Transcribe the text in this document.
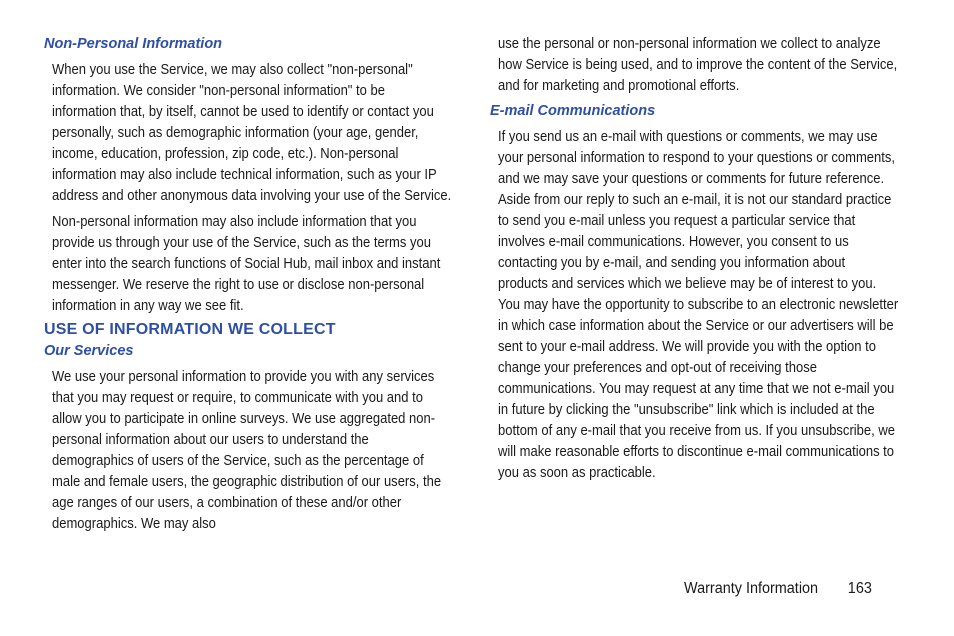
Non-Personal Information

When you use the Service, we may also collect "non-personal" information. We consider "non-personal information" to be information that, by itself, cannot be used to identify or contact you personally, such as demographic information (your age, gender, income, education, profession, zip code, etc.). Non-personal information may also include technical information, such as your IP address and other anonymous data involving your use of the Service.

Non-personal information may also include information that you provide us through your use of the Service, such as the terms you enter into the search functions of Social Hub, mail inbox and instant messenger. We reserve the right to use or disclose non-personal information in any way we see fit.

USE OF INFORMATION WE COLLECT
Our Services

We use your personal information to provide you with any services that you may request or require, to communicate with you and to allow you to participate in online surveys. We use aggregated non-personal information about our users to understand the demographics of users of the Service, such as the percentage of male and female users, the geographic distribution of our users, the age ranges of our users, a combination of these and/or other demographics. We may also

use the personal or non-personal information we collect to analyze how Service is being used, and to improve the content of the Service, and for marketing and promotional efforts.

E-mail Communications

If you send us an e-mail with questions or comments, we may use your personal information to respond to your questions or comments, and we may save your questions or comments for future reference. Aside from our reply to such an e-mail, it is not our standard practice to send you e-mail unless you request a particular service that involves e-mail communications. However, you consent to us contacting you by e-mail, and sending you information about products and services which we believe may be of interest to you. You may have the opportunity to subscribe to an electronic newsletter in which case information about the Service or our advertisers will be sent to your e-mail address. We will provide you with the option to change your preferences and opt-out of receiving those communications. You may request at any time that we not e-mail you in future by clicking the "unsubscribe" link which is included at the bottom of any e-mail that you receive from us. If you unsubscribe, we will make reasonable efforts to discontinue e-mail communications to you as soon as practicable.

Warranty Information 163
